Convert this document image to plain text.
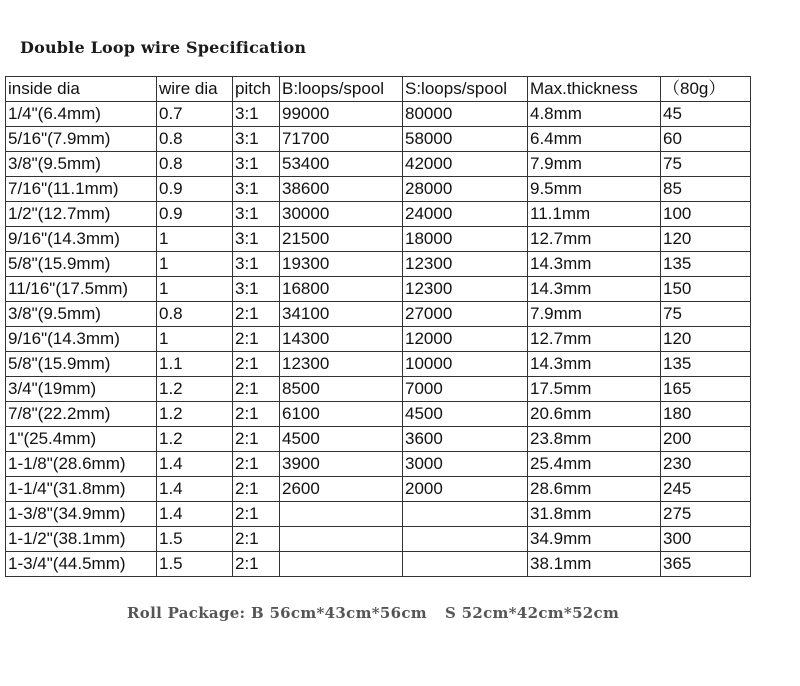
Double Loop wire Specification
inside dia	wire dia	pitch	B:loops/spool	S:loops/spool	Max.thickness	（80g）
1/4"(6.4mm)	0.7	3:1	99000	80000	4.8mm	45
5/16"(7.9mm)	0.8	3:1	71700	58000	6.4mm	60
3/8"(9.5mm)	0.8	3:1	53400	42000	7.9mm	75
7/16"(11.1mm)	0.9	3:1	38600	28000	9.5mm	85
1/2"(12.7mm)	0.9	3:1	30000	24000	11.1mm	100
9/16"(14.3mm)	1	3:1	21500	18000	12.7mm	120
5/8"(15.9mm)	1	3:1	19300	12300	14.3mm	135
11/16"(17.5mm)	1	3:1	16800	12300	14.3mm	150
3/8"(9.5mm)	0.8	2:1	34100	27000	7.9mm	75
9/16"(14.3mm)	1	2:1	14300	12000	12.7mm	120
5/8"(15.9mm)	1.1	2:1	12300	10000	14.3mm	135
3/4"(19mm)	1.2	2:1	8500	7000	17.5mm	165
7/8"(22.2mm)	1.2	2:1	6100	4500	20.6mm	180
1"(25.4mm)	1.2	2:1	4500	3600	23.8mm	200
1-1/8"(28.6mm)	1.4	2:1	3900	3000	25.4mm	230
1-1/4"(31.8mm)	1.4	2:1	2600	2000	28.6mm	245
1-3/8"(34.9mm)	1.4	2:1			31.8mm	275
1-1/2"(38.1mm)	1.5	2:1			34.9mm	300
1-3/4"(44.5mm)	1.5	2:1			38.1mm	365
Roll Package: B 56cm*43cm*56cm S 52cm*42cm*52cm
